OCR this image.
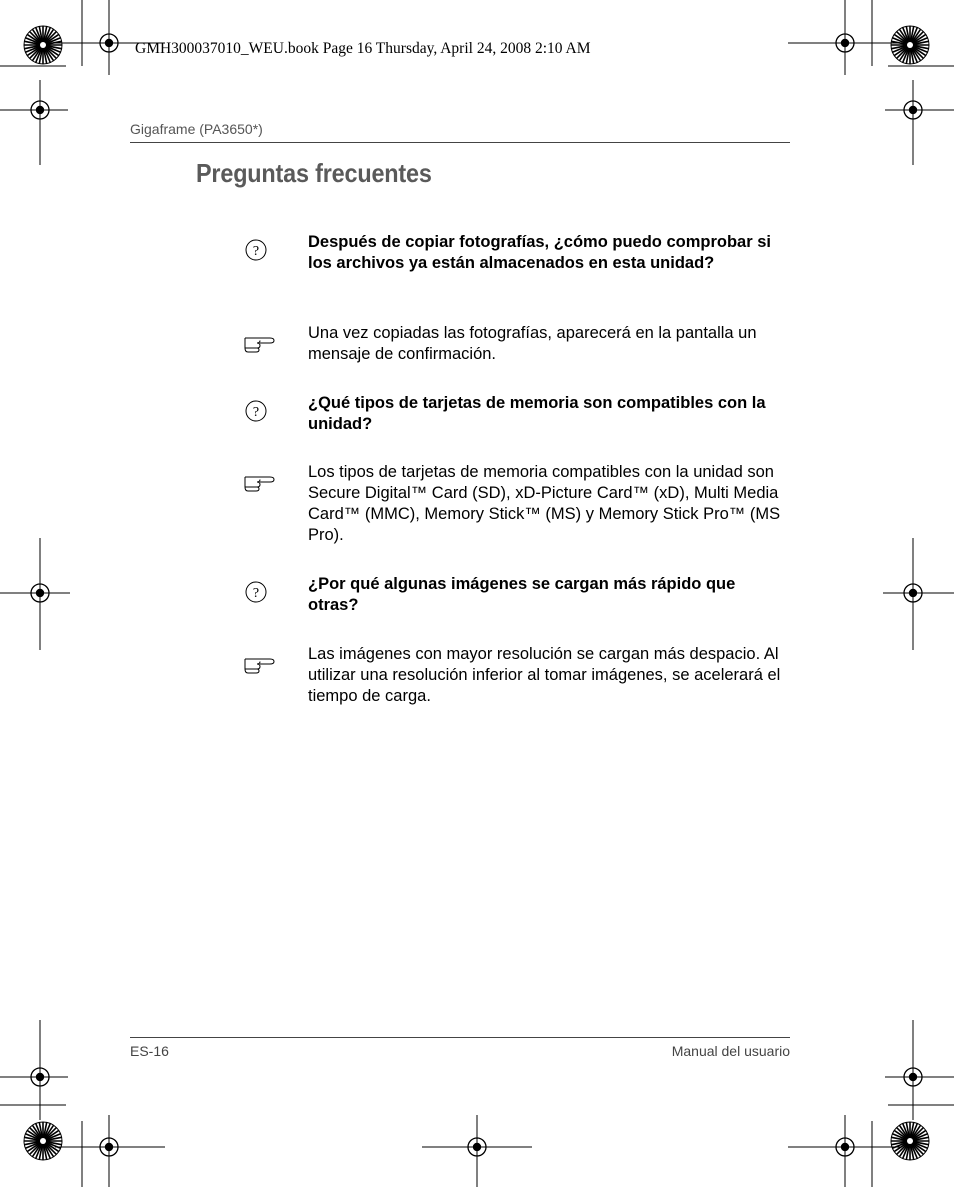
GMH300037010_WEU.book Page 16 Thursday, April 24, 2008 2:10 AM
Gigaframe (PA3650*)
Preguntas frecuentes
?
Después de copiar fotografías, ¿cómo puedo comprobar si los archivos ya están almacenados en esta unidad?
Una vez copiadas las fotografías, aparecerá en la pantalla un mensaje de confirmación.
?
¿Qué tipos de tarjetas de memoria son compatibles con la unidad?
Los tipos de tarjetas de memoria compatibles con la unidad son Secure Digital™ Card (SD), xD-Picture Card™ (xD), Multi Media Card™ (MMC), Memory Stick™ (MS) y Memory Stick Pro™ (MS Pro).
?
¿Por qué algunas imágenes se cargan más rápido que otras?
Las imágenes con mayor resolución se cargan más despacio. Al utilizar una resolución inferior al tomar imágenes, se acelerará el tiempo de carga.
ES-16	Manual del usuario
